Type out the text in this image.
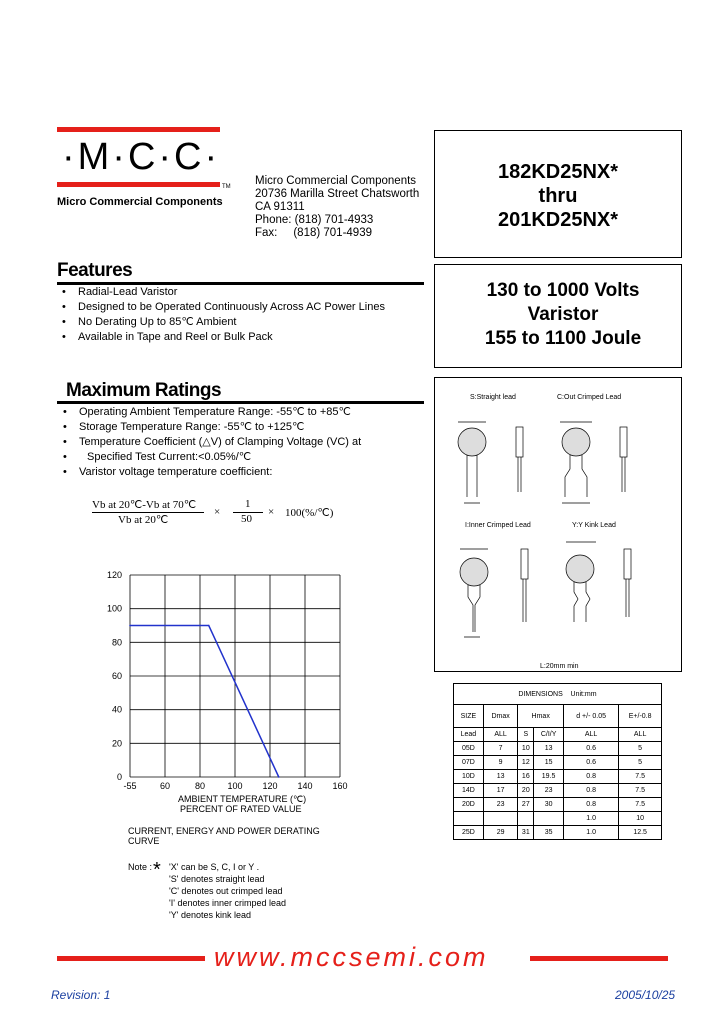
·M·C·C·
TM
Micro Commercial Components
Micro Commercial Components
20736 Marilla Street Chatsworth
CA 91311
Phone: (818) 701-4933
Fax:     (818) 701-4939
182KD25NX*
thru
201KD25NX*
130 to 1000 Volts
Varistor
155 to 1100 Joule
Features
• Radial-Lead Varistor
• Designed to be Operated Continuously Across AC Power Lines
• No Derating Up to 85℃ Ambient
• Available in Tape and Reel or Bulk Pack
Maximum Ratings
• Operating Ambient Temperature Range: -55℃ to +85℃
• Storage Temperature Range: -55℃ to +125℃
• Temperature Coefficient (△V) of Clamping Voltage (VC) at
• Specified Test Current:<0.05%/℃
• Varistor voltage temperature coefficient:
Vb at 20℃-Vb at 70℃
Vb at 20℃
×
1
50
× 100(%/℃)
0
20
40
60
80
100
120
-55	60	80 100 120 140 160
AMBIENT TEMPERATURE (℃)
PERCENT OF RATED VALUE
CURRENT, ENERGY AND POWER DERATING CURVE
Note : * 'X' can be S, C, I or Y .
'S' denotes straight lead
'C' denotes out crimped lead
'I' denotes inner crimped lead
'Y' denotes kink lead
S:Straight lead	C:Out Crimped Lead
I:Inner Crimped Lead	Y:Y Kink Lead
L:20mm min
DIMENSIONS Unit:mm					
SIZE	Dmax	Hmax		d +/- 0.05	E+/-0.8
Lead	ALL	S	C/I/Y	ALL	ALL
05D	7	10	13	0.6	5
07D	9	12	15	0.6	5
10D	13	16	19.5	0.8	7.5
14D	17	20	23	0.8	7.5
20D	23	27	30	0.8	7.5
				1.0	10
25D	29	31	35	1.0	12.5
www.mccsemi.com
Revision: 1	2005/10/25
